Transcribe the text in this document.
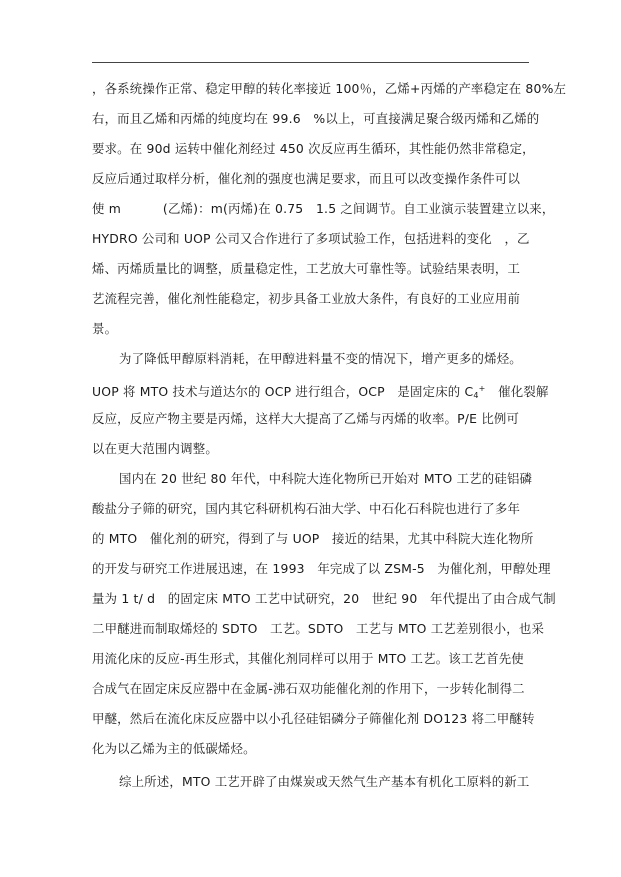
，各系统操作正常、稳定甲醇的转化率接近 100％，乙烯+丙烯的产率稳定在 80%左
右，而且乙烯和丙烯的纯度均在 99.6　%以上，可直接满足聚合级丙烯和乙烯的
要求。在 90d 运转中催化剂经过 450 次反应再生循环，其性能仍然非常稳定，
反应后通过取样分析，催化剂的强度也满足要求，而且可以改变操作条件可以
使 m　　　 (乙烯)：m(丙烯)在 0.75　1.5 之间调节。自工业演示装置建立以来，
HYDRO 公司和 UOP 公司又合作进行了多项试验工作，包括进料的变化　，乙
烯、丙烯质量比的调整，质量稳定性，工艺放大可靠性等。试验结果表明，工
艺流程完善，催化剂性能稳定，初步具备工业放大条件，有良好的工业应用前
景。
为了降低甲醇原料消耗，在甲醇进料量不变的情况下，增产更多的烯烃。
UOP 将 MTO 技术与道达尔的 OCP 进行组合，OCP　是固定床的 $C_4^+$　催化裂解
反应，反应产物主要是丙烯，这样大大提高了乙烯与丙烯的收率。P/E 比例可
以在更大范围内调整。
国内在 20 世纪 80 年代，中科院大连化物所已开始对 MTO 工艺的硅铝磷
酸盐分子筛的研究，国内其它科研机构石油大学、中石化石科院也进行了多年
的 MTO　催化剂的研究，得到了与 UOP　接近的结果，尤其中科院大连化物所
的开发与研究工作进展迅速，在 1993　年完成了以 ZSM-5　为催化剂，甲醇处理
量为 1 t/ d　的固定床 MTO 工艺中试研究，20　世纪 90　年代提出了由合成气制
二甲醚进而制取烯烃的 SDTO　工艺。SDTO　工艺与 MTO 工艺差别很小，也采
用流化床的反应-再生形式，其催化剂同样可以用于 MTO 工艺。该工艺首先使
合成气在固定床反应器中在金属-沸石双功能催化剂的作用下，一步转化制得二
甲醚，然后在流化床反应器中以小孔径硅铝磷分子筛催化剂 DO123 将二甲醚转
化为以乙烯为主的低碳烯烃。
综上所述，MTO 工艺开辟了由煤炭或天然气生产基本有机化工原料的新工
